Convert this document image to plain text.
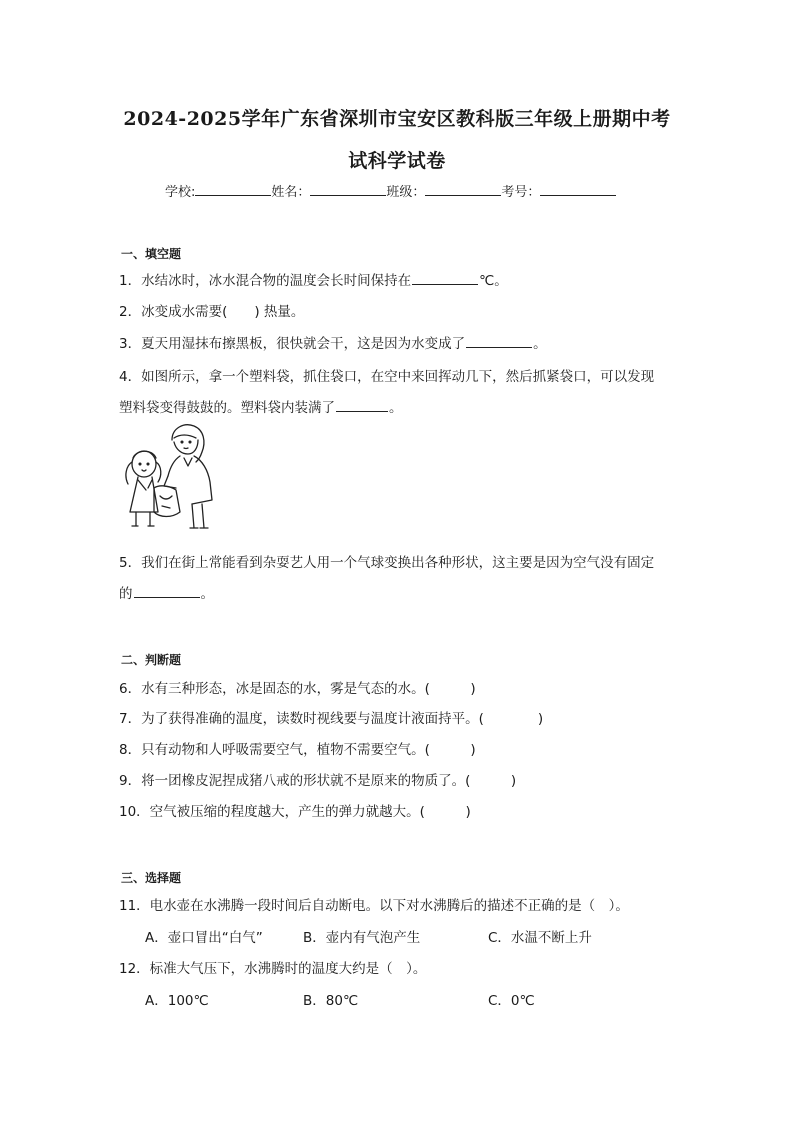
2024-2025学年广东省深圳市宝安区教科版三年级上册期中考
试科学试卷
学校:	姓名：	班级：	考号：
一、填空题
1．水结冰时，冰水混合物的温度会长时间保持在	℃。
2．冰变成水需要(　　) 热量。
3．夏天用湿抹布擦黑板，很快就会干，这是因为水变成了	。
4．如图所示，拿一个塑料袋，抓住袋口，在空中来回挥动几下，然后抓紧袋口，可以发现
塑料袋变得鼓鼓的。塑料袋内装满了	。
5．我们在街上常能看到杂耍艺人用一个气球变换出各种形状，这主要是因为空气没有固定
的	。
二、判断题
6．水有三种形态，冰是固态的水，雾是气态的水。(　　　)
7．为了获得准确的温度，读数时视线要与温度计液面持平。(　　　　)
8．只有动物和人呼吸需要空气，植物不需要空气。(　　　)
9．将一团橡皮泥捏成猪八戒的形状就不是原来的物质了。(　　　)
10．空气被压缩的程度越大，产生的弹力就越大。(　　　)
三、选择题
11．电水壶在水沸腾一段时间后自动断电。以下对水沸腾后的描述不正确的是（　）。
A．壶口冒出“白气”	B．壶内有气泡产生	C．水温不断上升
12．标准大气压下，水沸腾时的温度大约是（　）。
A．100℃	B．80℃	C．0℃
